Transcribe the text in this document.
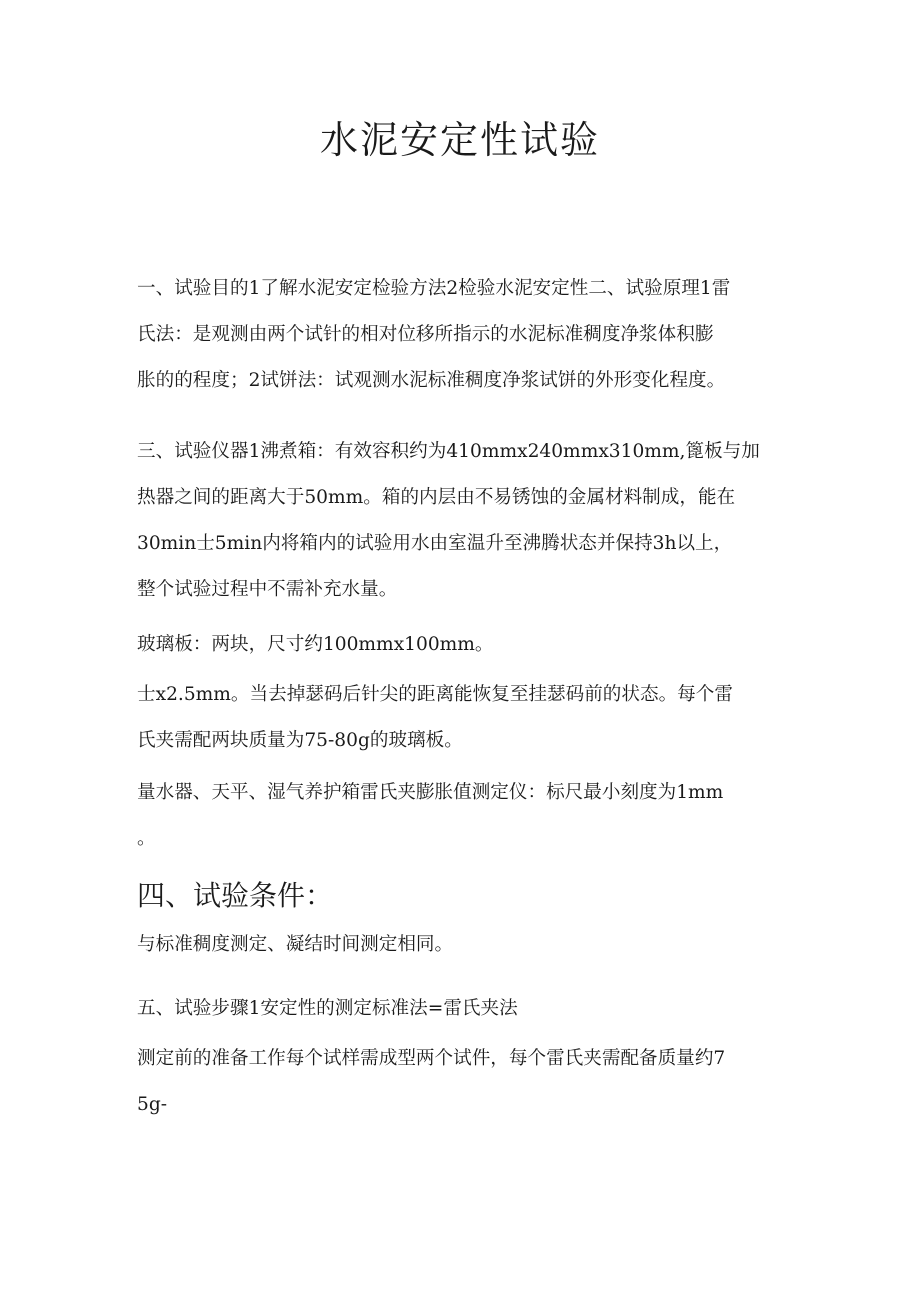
水泥安定性试验

一、试验目的1了解水泥安定检验方法2检验水泥安定性二、试验原理1雷
氏法：是观测由两个试针的相对位移所指示的水泥标准稠度净浆体积膨
胀的的程度；2试饼法：试观测水泥标准稠度净浆试饼的外形变化程度。

三、试验仪器1沸煮箱：有效容积约为410mmx240mmx310mm,篦板与加
热器之间的距离大于50mm。箱的内层由不易锈蚀的金属材料制成，能在
30min士5min内将箱内的试验用水由室温升至沸腾状态并保持3h以上，
整个试验过程中不需补充水量。

玻璃板：两块，尺寸约100mmx100mm。

士x2.5mm。当去掉瑟码后针尖的距离能恢复至挂瑟码前的状态。每个雷
氏夹需配两块质量为75-80g的玻璃板。

量水器、天平、湿气养护箱雷氏夹膨胀值测定仪：标尺最小刻度为1mm
。

四、试验条件：

与标准稠度测定、凝结时间测定相同。

五、试验步骤1安定性的测定标准法=雷氏夹法

测定前的准备工作每个试样需成型两个试件，每个雷氏夹需配备质量约7
5g-
